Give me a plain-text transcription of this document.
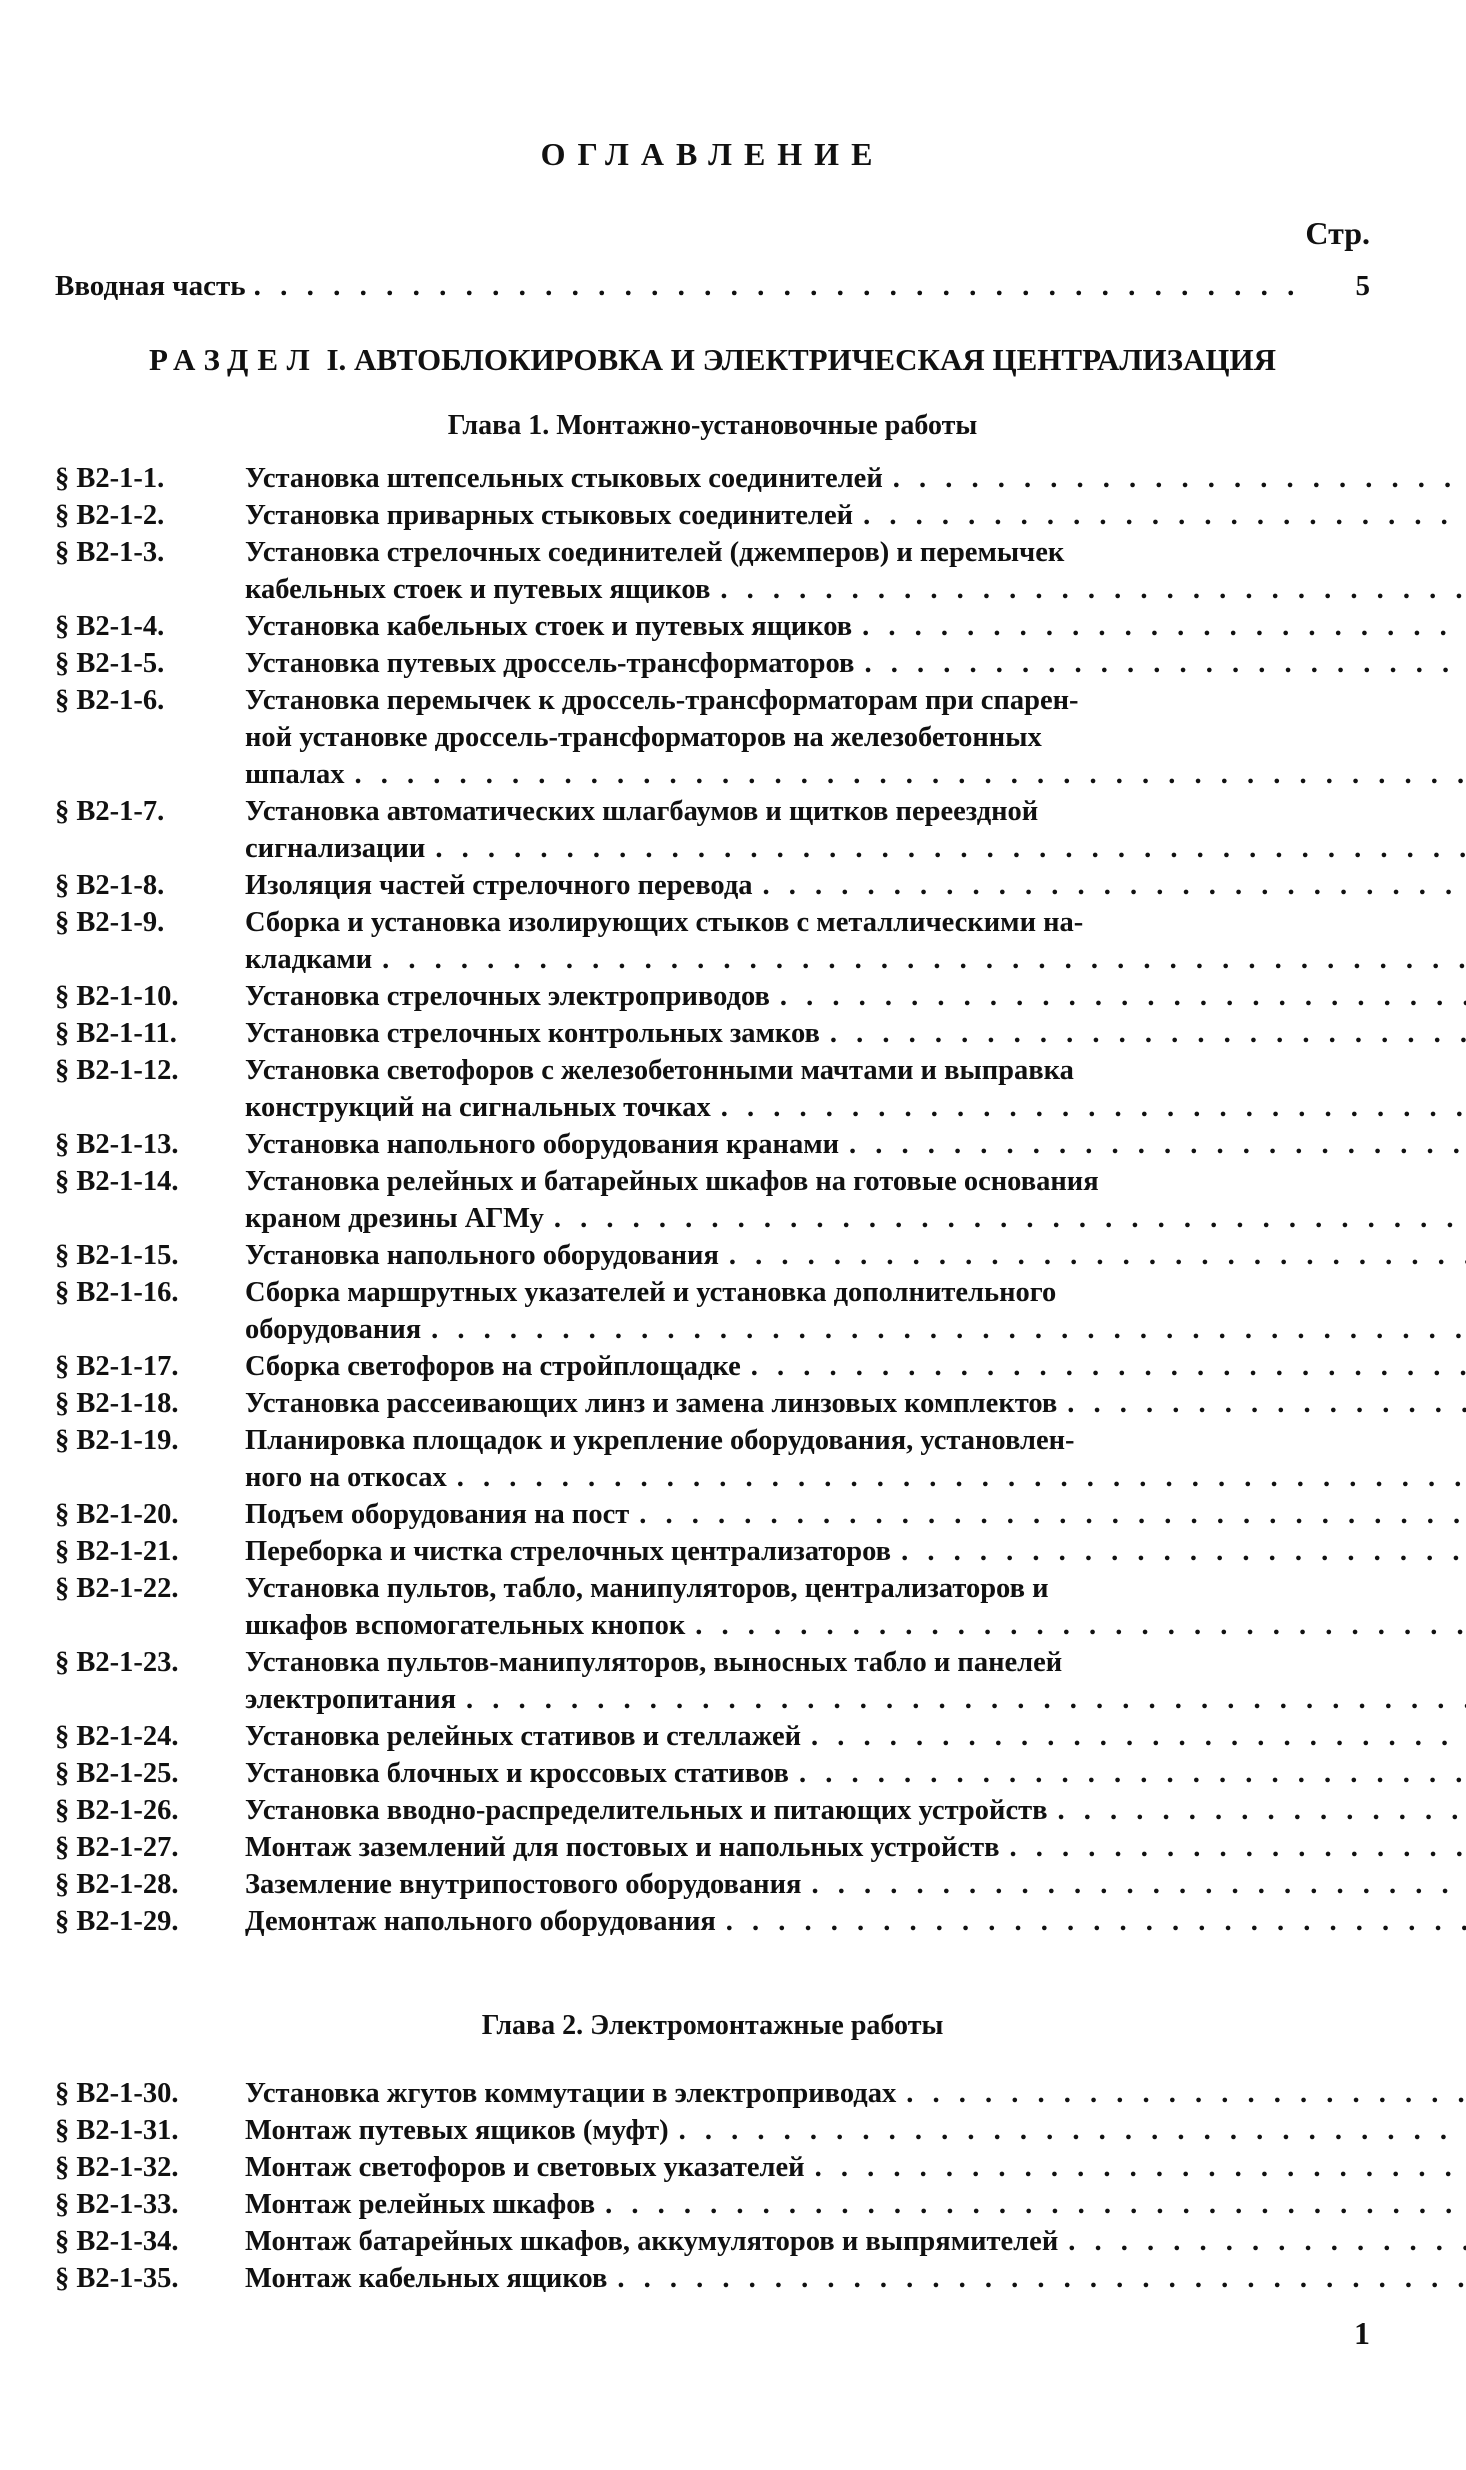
ОГЛАВЛЕНИЕ
Стр.
Вводная часть
. . .	5
РАЗДЕЛ I. АВТОБЛОКИРОВКА И ЭЛЕКТРИЧЕСКАЯ ЦЕНТРАЛИЗАЦИЯ
Глава 1. Монтажно-установочные работы
§ В2-1-1.	Установка штепсельных стыковых соединителей
. . .
§ В2-1-2.	Установка приварных стыковых соединителей
. . .
§ В2-1-3.	Установка стрелочных соединителей (джемперов) и перемычек
кабельных стоек и путевых ящиков
. . .
§ В2-1-4.	Установка кабельных стоек и путевых ящиков
. . .
§ В2-1-5.	Установка путевых дроссель-трансформаторов
. . .
§ В2-1-6.	Установка перемычек к дроссель-трансформаторам при спарен-
ной установке дроссель-трансформаторов на железобетонных
шпалах
. . .
§ В2-1-7.	Установка автоматических шлагбаумов и щитков переездной
сигнализации
. . .
§ В2-1-8.	Изоляция частей стрелочного перевода
. . .
§ В2-1-9.	Сборка и установка изолирующих стыков с металлическими на-
кладками
. . .
§ В2-1-10.	Установка стрелочных электроприводов
. . .
§ В2-1-11.	Установка стрелочных контрольных замков
. . .
§ В2-1-12.	Установка светофоров с железобетонными мачтами и выправка
конструкций на сигнальных точках
. . .
§ В2-1-13.	Установка напольного оборудования кранами
. . .
§ В2-1-14.	Установка релейных и батарейных шкафов на готовые основания
краном дрезины АГМу
. . .
§ В2-1-15.	Установка напольного оборудования
. . .
§ В2-1-16.	Сборка маршрутных указателей и установка дополнительного
оборудования
. . .
§ В2-1-17.	Сборка светофоров на стройплощадке
. . .
§ В2-1-18.	Установка рассеивающих линз и замена линзовых комплектов
. . .
§ В2-1-19.	Планировка площадок и укрепление оборудования, установлен-
ного на откосах
. . .
§ В2-1-20.	Подъем оборудования на пост
. . .
§ В2-1-21.	Переборка и чистка стрелочных централизаторов
. . .
§ В2-1-22.	Установка пультов, табло, манипуляторов, централизаторов и
шкафов вспомогательных кнопок
. . .
§ В2-1-23.	Установка пультов-манипуляторов, выносных табло и панелей
электропитания
. . .
§ В2-1-24.	Установка релейных стативов и стеллажей
. . .
§ В2-1-25.	Установка блочных и кроссовых стативов
. . .
§ В2-1-26.	Установка вводно-распределительных и питающих устройств
. . .
§ В2-1-27.	Монтаж заземлений для постовых и напольных устройств
. . .
§ В2-1-28.	Заземление внутрипостового оборудования
. . .
§ В2-1-29.	Демонтаж напольного оборудования
. . .
Глава 2. Электромонтажные работы
§ В2-1-30.	Установка жгутов коммутации в электроприводах
. . .
§ В2-1-31.	Монтаж путевых ящиков (муфт)
. . .
§ В2-1-32.	Монтаж светофоров и световых указателей
. . .
§ В2-1-33.	Монтаж релейных шкафов
. . .
§ В2-1-34.	Монтаж батарейных шкафов, аккумуляторов и выпрямителей
. . .
§ В2-1-35.	Монтаж кабельных ящиков
. . .
1
